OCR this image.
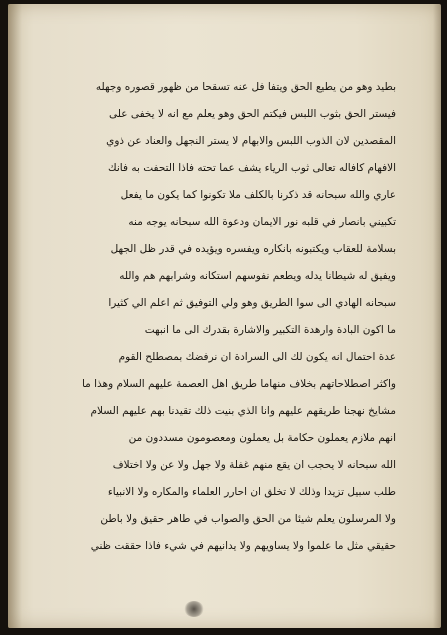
بطيد وهو من يطيع الحق ويتفا فل عنه تسقحا من ظهور قصوره وجهله
فيستر الحق بثوب اللبس فيكتم الحق وهو يعلم مع انه لا يخفى على
المقصدين لان الذوب اللبس والابهام لا يستر النجهل والعناد عن ذوي
الافهام كافاله تعالى ثوب الرياء يشف عما تحته فاذا التحفت به فانك
عاري والله سبحانه قد ذكرنا بالكلف ملا تكونوا كما يكون ما يفعل
تكبيني بانصار في قلبه نور الايمان ودعوة الله سبحانه يوجه منه
بسلامة للعقاب ويكتبونه بانكاره ويفسره ويؤيده في قدر ظل الجهل
ويفيق له شيطانا يدله ويطعم نفوسهم استكانه وشرابهم هم والله
سبحانه الهادي الى سوا الطريق وهو ولي التوفيق ثم اعلم الي كثيرا
ما اكون البادة وارهدة التكبير والاشارة بقدرك الى ما انبهت
عدة احتمال انه يكون لك الى السرادة ان نرفضك بمصطلح القوم
واكثر اصطلاحاتهم بخلاف منهاما طريق اهل العصمة عليهم السلام وهذا ما
مشايخ نهجنا طريقهم عليهم وانا الذي بنيت ذلك تقيدنا بهم عليهم السلام
انهم ملازم يعملون حكامة بل يعملون ومعصومون مسددون من
الله سبحانه لا يحجب ان يقع منهم غفلة ولا جهل ولا عن ولا اختلاف
طلب سبيل تزيدا وذلك لا تخلق ان احارر العلماء والمكاره ولا الانبياء
ولا المرسلون يعلم شيئا من الحق والصواب في طاهر حقيق ولا باطن
حقيقي مثل ما علموا ولا يساويهم ولا يدانيهم في شيء فاذا حققت ظني
